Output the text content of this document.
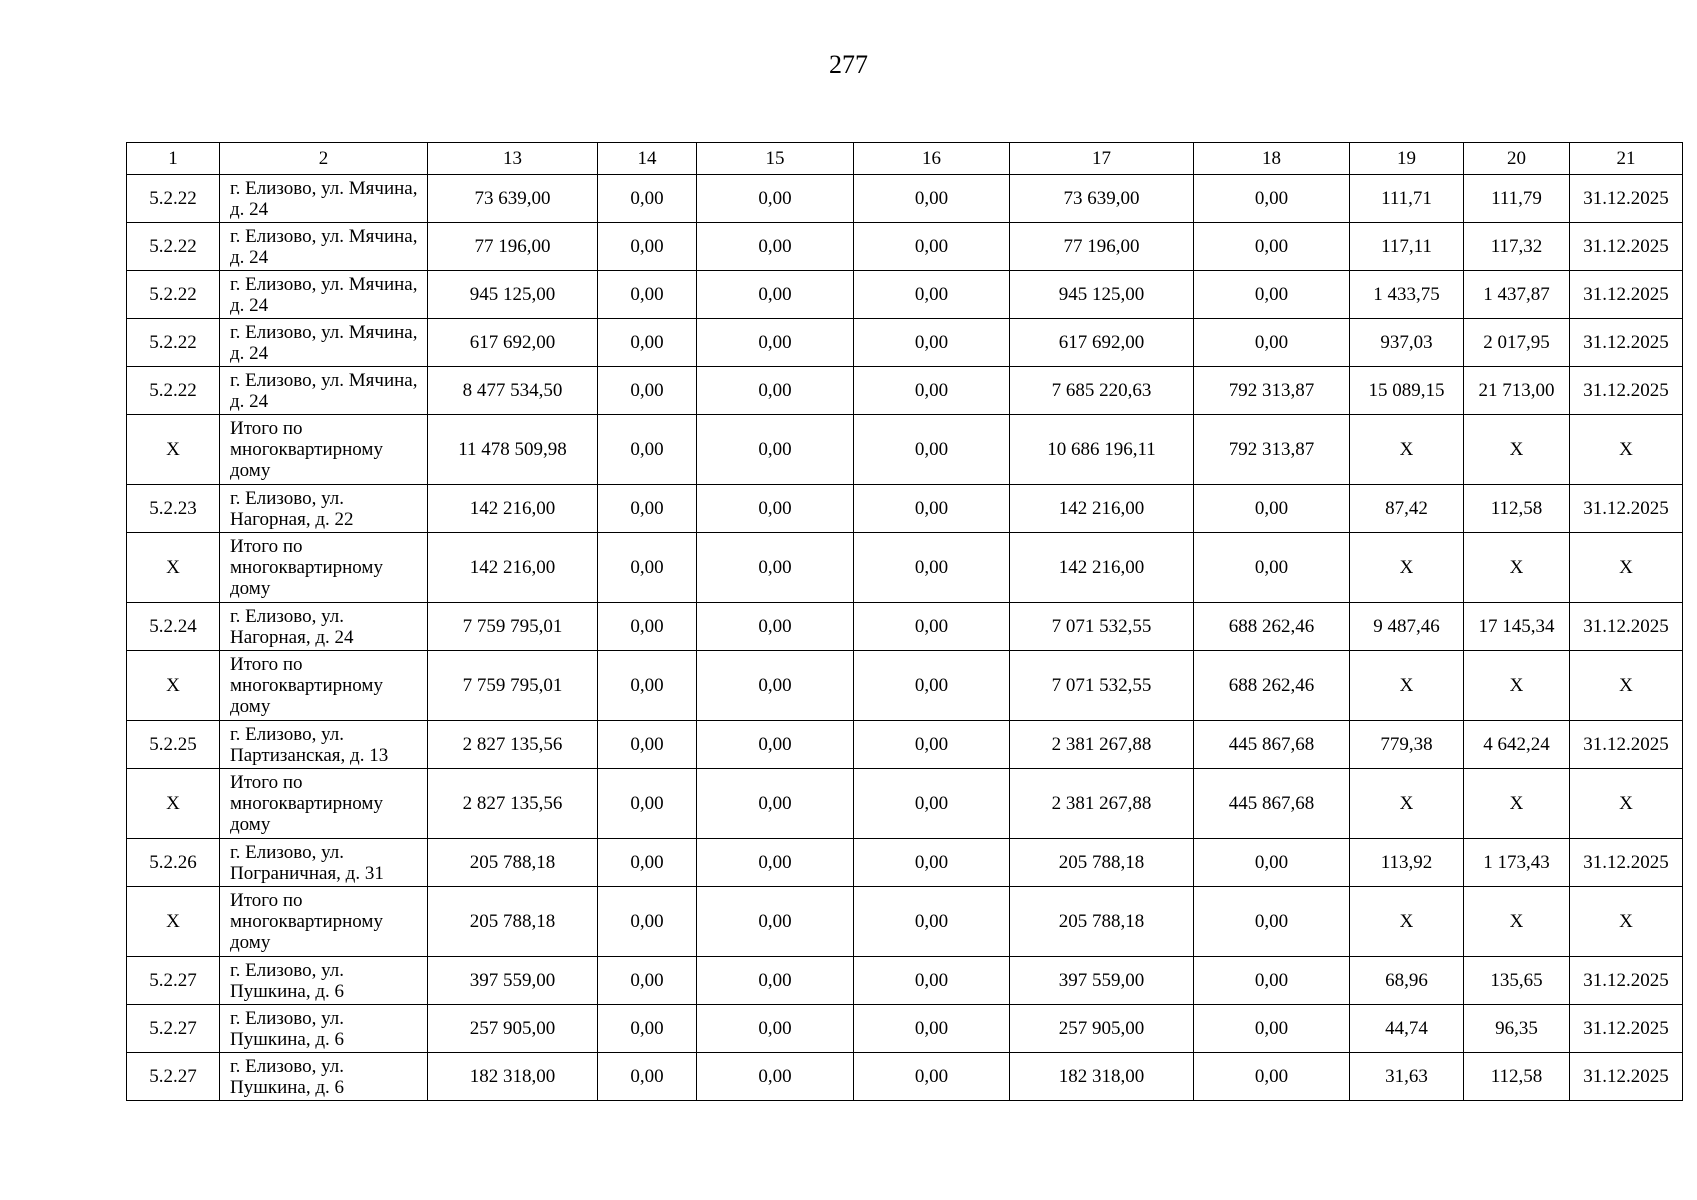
277
1	2	13	14	15	16	17	18	19	20	21
5.2.22	г. Елизово, ул. Мячина, д. 24	73 639,00	0,00	0,00	0,00	73 639,00	0,00	111,71	111,79	31.12.2025
5.2.22	г. Елизово, ул. Мячина, д. 24	77 196,00	0,00	0,00	0,00	77 196,00	0,00	117,11	117,32	31.12.2025
5.2.22	г. Елизово, ул. Мячина, д. 24	945 125,00	0,00	0,00	0,00	945 125,00	0,00	1 433,75	1 437,87	31.12.2025
5.2.22	г. Елизово, ул. Мячина, д. 24	617 692,00	0,00	0,00	0,00	617 692,00	0,00	937,03	2 017,95	31.12.2025
5.2.22	г. Елизово, ул. Мячина, д. 24	8 477 534,50	0,00	0,00	0,00	7 685 220,63	792 313,87	15 089,15	21 713,00	31.12.2025
X	Итого по многоквартирному дому	11 478 509,98	0,00	0,00	0,00	10 686 196,11	792 313,87	X	X	X
5.2.23	г. Елизово, ул. Нагорная, д. 22	142 216,00	0,00	0,00	0,00	142 216,00	0,00	87,42	112,58	31.12.2025
X	Итого по многоквартирному дому	142 216,00	0,00	0,00	0,00	142 216,00	0,00	X	X	X
5.2.24	г. Елизово, ул. Нагорная, д. 24	7 759 795,01	0,00	0,00	0,00	7 071 532,55	688 262,46	9 487,46	17 145,34	31.12.2025
X	Итого по многоквартирному дому	7 759 795,01	0,00	0,00	0,00	7 071 532,55	688 262,46	X	X	X
5.2.25	г. Елизово, ул. Партизанская, д. 13	2 827 135,56	0,00	0,00	0,00	2 381 267,88	445 867,68	779,38	4 642,24	31.12.2025
X	Итого по многоквартирному дому	2 827 135,56	0,00	0,00	0,00	2 381 267,88	445 867,68	X	X	X
5.2.26	г. Елизово, ул. Пограничная, д. 31	205 788,18	0,00	0,00	0,00	205 788,18	0,00	113,92	1 173,43	31.12.2025
X	Итого по многоквартирному дому	205 788,18	0,00	0,00	0,00	205 788,18	0,00	X	X	X
5.2.27	г. Елизово, ул. Пушкина, д. 6	397 559,00	0,00	0,00	0,00	397 559,00	0,00	68,96	135,65	31.12.2025
5.2.27	г. Елизово, ул. Пушкина, д. 6	257 905,00	0,00	0,00	0,00	257 905,00	0,00	44,74	96,35	31.12.2025
5.2.27	г. Елизово, ул. Пушкина, д. 6	182 318,00	0,00	0,00	0,00	182 318,00	0,00	31,63	112,58	31.12.2025
